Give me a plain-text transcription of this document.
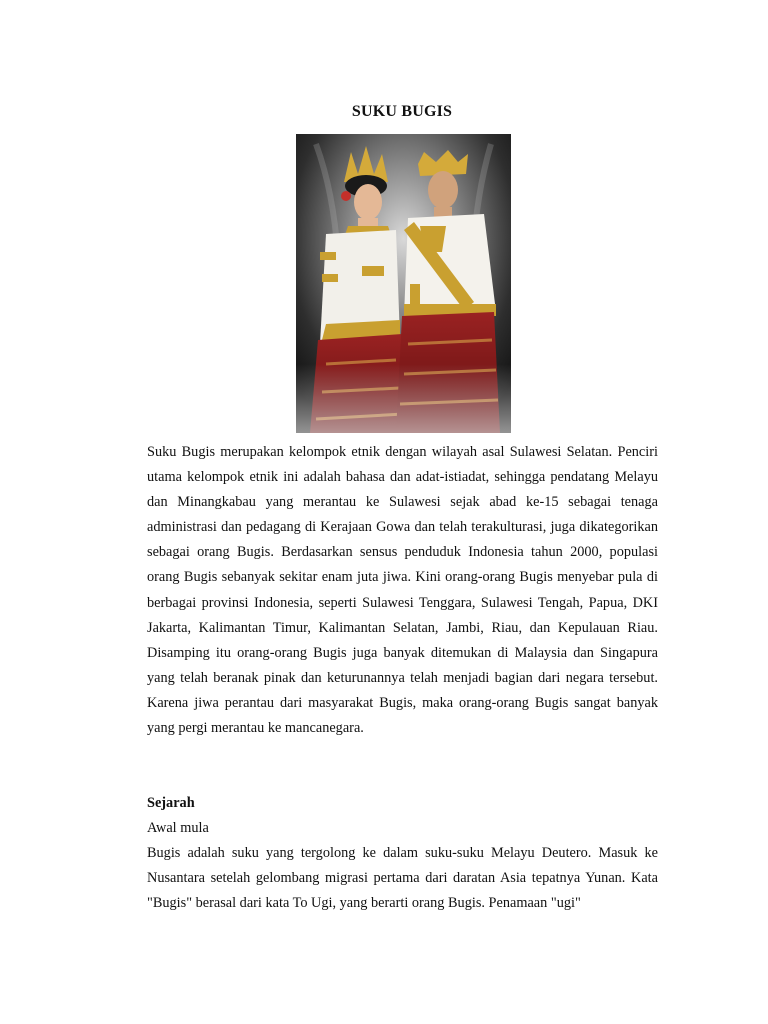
SUKU BUGIS

Suku Bugis merupakan kelompok etnik dengan wilayah asal Sulawesi Selatan. Penciri utama kelompok etnik ini adalah bahasa dan adat-istiadat, sehingga pendatang Melayu dan Minangkabau yang merantau ke Sulawesi sejak abad ke-15 sebagai tenaga administrasi dan pedagang di Kerajaan Gowa dan telah terakulturasi, juga dikategorikan sebagai orang Bugis. Berdasarkan sensus penduduk Indonesia tahun 2000, populasi orang Bugis sebanyak sekitar enam juta jiwa. Kini orang-orang Bugis menyebar pula di berbagai provinsi Indonesia, seperti Sulawesi Tenggara, Sulawesi Tengah, Papua, DKI Jakarta, Kalimantan Timur, Kalimantan Selatan, Jambi, Riau, dan Kepulauan Riau. Disamping itu orang-orang Bugis juga banyak ditemukan di Malaysia dan Singapura yang telah beranak pinak dan keturunannya telah menjadi bagian dari negara tersebut. Karena jiwa perantau dari masyarakat Bugis, maka orang-orang Bugis sangat banyak yang pergi merantau ke mancanegara.

Sejarah
Awal mula
Bugis adalah suku yang tergolong ke dalam suku-suku Melayu Deutero. Masuk ke Nusantara setelah gelombang migrasi pertama dari daratan Asia tepatnya Yunan. Kata "Bugis" berasal dari kata To Ugi, yang berarti orang Bugis. Penamaan "ugi"
